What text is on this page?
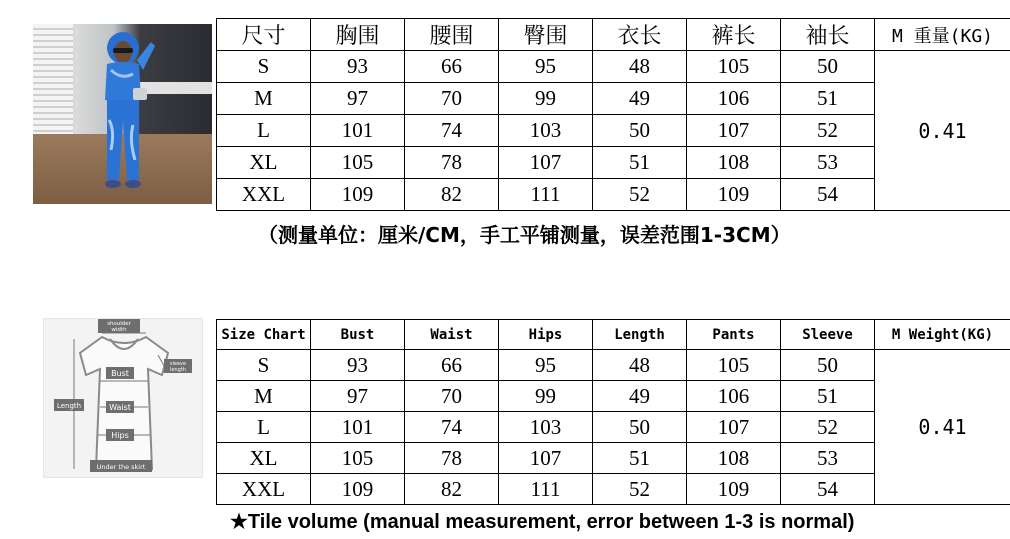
尺寸	胸围	腰围	臀围	衣长	裤长	袖长	M 重量(KG)
S	93	66	95	48	105	50	0.41
M	97	70	99	49	106	51	
L	101	74	103	50	107	52	
XL	105	78	107	51	108	53	
XXL	109	82	111	52	109	54	
（测量单位：厘米/CM，手工平铺测量，误差范围1-3CM）
shoulder
width
sleeve
length
Bust
Length	Waist
Hips
Under the skirt
Size Chart	Bust	Waist	Hips	Length	Pants	Sleeve	M Weight(KG)
S	93	66	95	48	105	50	0.41
M	97	70	99	49	106	51	
L	101	74	103	50	107	52	
XL	105	78	107	51	108	53	
XXL	109	82	111	52	109	54	
★Tile volume (manual measurement, error between 1-3 is normal)
